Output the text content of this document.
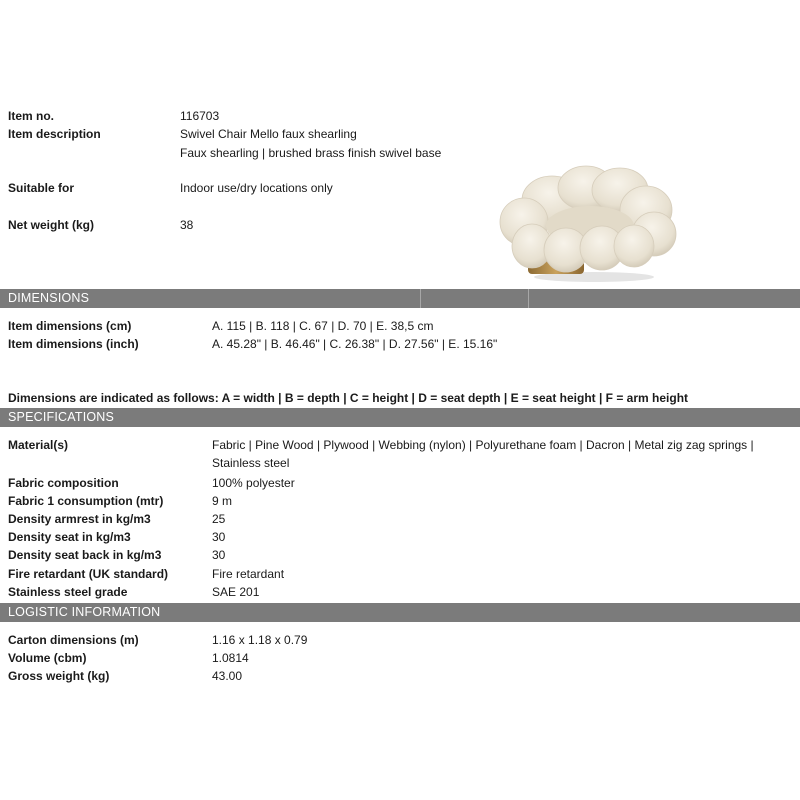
Item no.	116703
Item description	Swivel Chair Mello faux shearling
Faux shearling | brushed brass finish swivel base
Suitable for	Indoor use/dry locations only
Net weight (kg)	38
DIMENSIONS
Item dimensions (cm)	A. 115 | B. 118 | C. 67 | D. 70 | E. 38,5 cm
Item dimensions (inch)	A. 45.28" | B. 46.46" | C. 26.38" | D. 27.56" | E. 15.16"
Dimensions are indicated as follows: A = width | B = depth | C = height | D = seat depth | E = seat height | F = arm height
SPECIFICATIONS
Material(s)	Fabric | Pine Wood | Plywood | Webbing (nylon) | Polyurethane foam | Dacron | Metal zig zag springs |
Stainless steel
Fabric composition	100% polyester
Fabric 1 consumption (mtr)	9 m
Density armrest in kg/m3	25
Density seat in kg/m3	30
Density seat back in kg/m3	30
Fire retardant (UK standard)	Fire retardant
Stainless steel grade	SAE 201
LOGISTIC INFORMATION
Carton dimensions (m)	1.16 x 1.18 x 0.79
Volume (cbm)	1.0814
Gross weight (kg)	43.00
